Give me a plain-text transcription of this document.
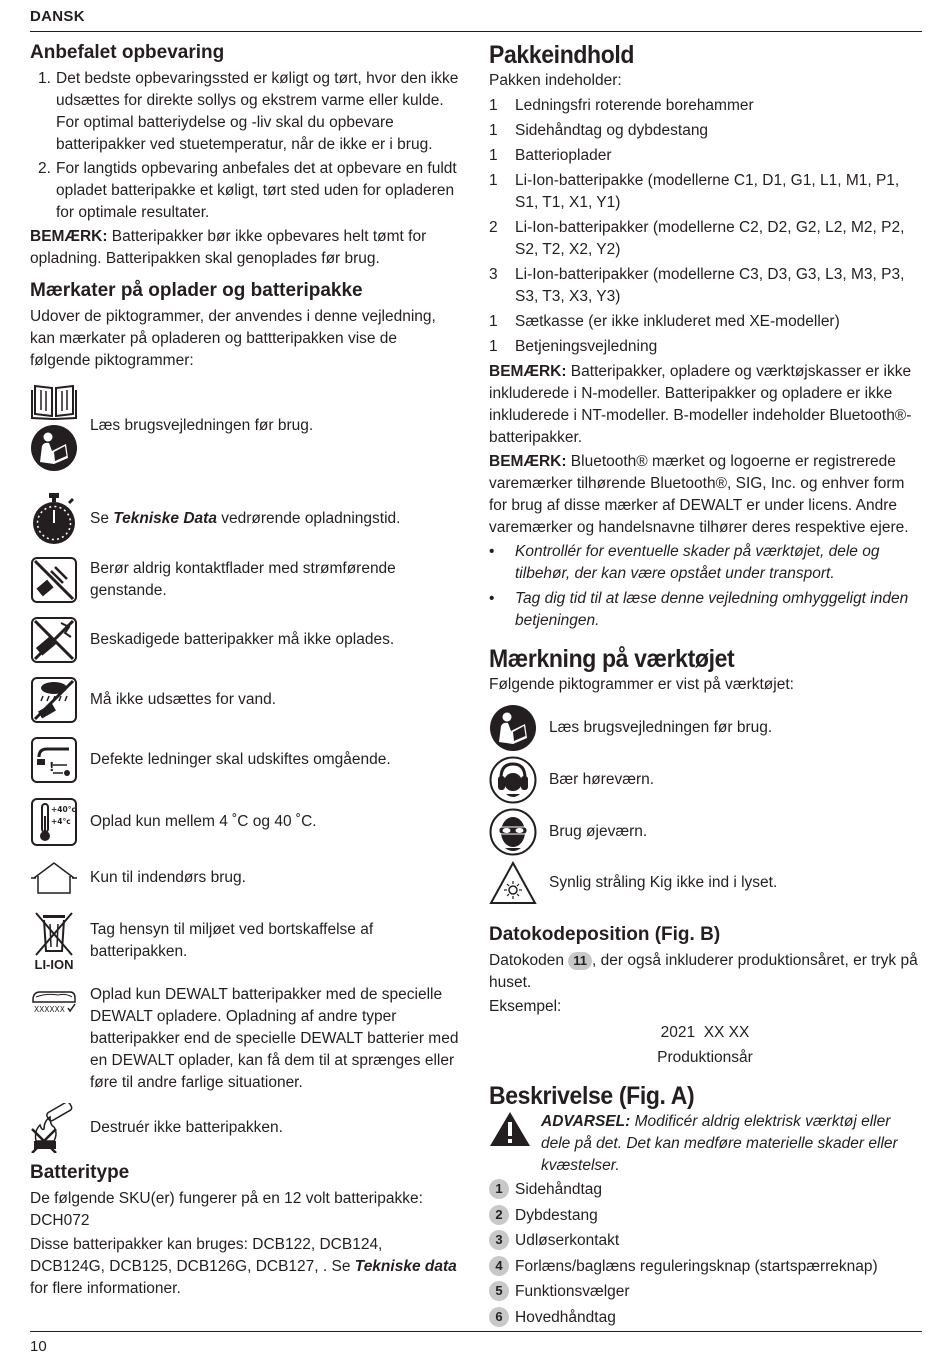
DANSK
Anbefalet opbevaring
1. Det bedste opbevaringssted er køligt og tørt, hvor den ikke udsættes for direkte sollys og ekstrem varme eller kulde. For optimal batteriydelse og -liv skal du opbevare batteripakker ved stuetemperatur, når de ikke er i brug.
2. For langtids opbevaring anbefales det at opbevare en fuldt opladet batteripakke et køligt, tørt sted uden for opladeren for optimale resultater.

BEMÆRK: Batteripakker bør ikke opbevares helt tømt for opladning. Batteripakken skal genoplades før brug.

Mærkater på oplader og batteripakke

Udover de piktogrammer, der anvendes i denne vejledning, kan mærkater på opladeren og battteripakken vise de følgende piktogrammer:

Læs brugsvejledningen før brug.
Se Tekniske Data vedrørende opladningstid.
Berør aldrig kontaktflader med strømførende genstande.
Beskadigede batteripakker må ikke oplades.
Må ikke udsættes for vand.
!	Defekte ledninger skal udskiftes omgående.
+40°c
+4°c	Oplad kun mellem 4 ˚C og 40 ˚C.
Kun til indendørs brug.
LI-ION
Tag hensyn til miljøet ved bortskaffelse af batteripakken.
XXXXXX
Oplad kun DEWALT batteripakker med de specielle DEWALT opladere. Opladning af andre typer batteripakker end de specielle DEWALT batterier med en DEWALT oplader, kan få dem til at sprænges eller føre til andre farlige situationer.
Destruér ikke batteripakken.
Batteritype

De følgende SKU(er) fungerer på en 12 volt batteripakke: DCH072

Disse batteripakker kan bruges: DCB122, DCB124, DCB124G, DCB125, DCB126G, DCB127, . Se Tekniske data for flere informationer.

Pakkeindhold

Pakken indeholder:

1	Ledningsfri roterende borehammer
1	Sidehåndtag og dybdestang
1	Batterioplader
1	Li-Ion-batteripakke (modellerne C1, D1, G1, L1, M1, P1, S1, T1, X1, Y1)
2	Li-Ion-batteripakker (modellerne C2, D2, G2, L2, M2, P2, S2, T2, X2, Y2)
3	Li-Ion-batteripakker (modellerne C3, D3, G3, L3, M3, P3, S3, T3, X3, Y3)
1	Sætkasse (er ikke inkluderet med XE-modeller)
1	Betjeningsvejledning

BEMÆRK: Batteripakker, opladere og værktøjskasser er ikke inkluderede i N-modeller. Batteripakker og opladere er ikke inkluderede i NT-modeller. B-modeller indeholder Bluetooth®-batteripakker.

BEMÆRK: Bluetooth® mærket og logoerne er registrerede varemærker tilhørende Bluetooth®, SIG, Inc. og enhver form for brug af disse mærker af DEWALT er under licens. Andre varemærker og handelsnavne tilhører deres respektive ejere.

•	Kontrollér for eventuelle skader på værktøjet, dele og tilbehør, der kan være opstået under transport.
•	Tag dig tid til at læse denne vejledning omhyggeligt inden betjeningen.
Mærkning på værktøjet

Følgende piktogrammer er vist på værktøjet:

Læs brugsvejledningen før brug.
Bær høreværn.
Brug øjeværn.
Synlig stråling Kig ikke ind i lyset.
Datokodeposition (Fig. B)

Datokoden 11 , der også inkluderer produktionsåret, er tryk på huset.

Eksempel:

2021  XX XX

Produktionsår

Beskrivelse (Fig. A)
ADVARSEL: Modificér aldrig elektrisk værktøj eller dele på det. Det kan medføre materielle skader eller kvæstelser.
1 Sidehåndtag
2 Dybdestang
3 Udløserkontakt
4 Forlæns/baglæns reguleringsknap (startspærreknap)
5 Funktionsvælger
6 Hovedhåndtag
10
